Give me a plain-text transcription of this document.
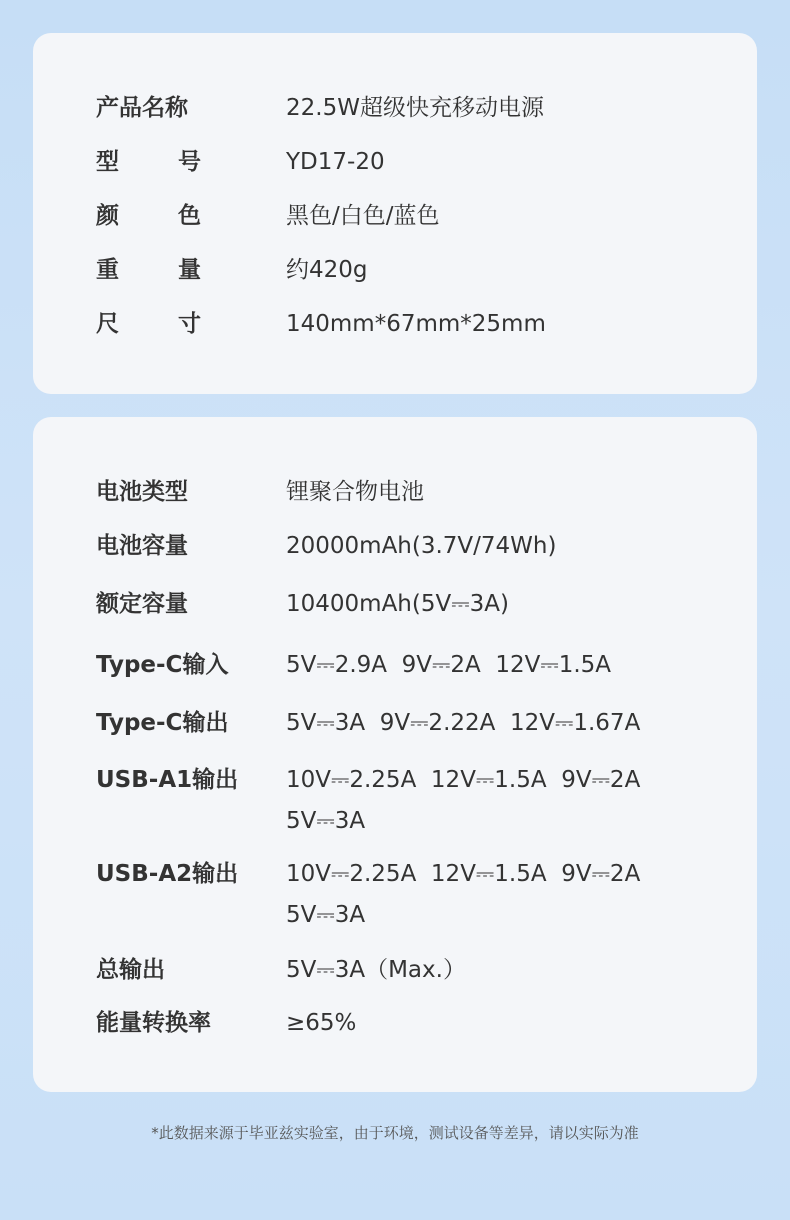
产品名称	22.5W超级快充移动电源
型	号	YD17-20
颜	色	黑色/白色/蓝色
重	量	约420g
尺	寸	140mm*67mm*25mm
电池类型	锂聚合物电池
电池容量	20000mAh(3.7V/74Wh)
额定容量	10400mAh(5V⎓3A)
Type-C输入	5V⎓2.9A  9V⎓2A  12V⎓1.5A
Type-C输出	5V⎓3A  9V⎓2.22A  12V⎓1.67A
USB-A1输出 10V⎓2.25A  12V⎓1.5A  9V⎓2A
5V⎓3A
USB-A2输出 10V⎓2.25A  12V⎓1.5A  9V⎓2A
5V⎓3A
总输出	5V⎓3A（Max.）
能量转换率	≥65%
*此数据来源于毕亚兹实验室，由于环境，测试设备等差异，请以实际为准
